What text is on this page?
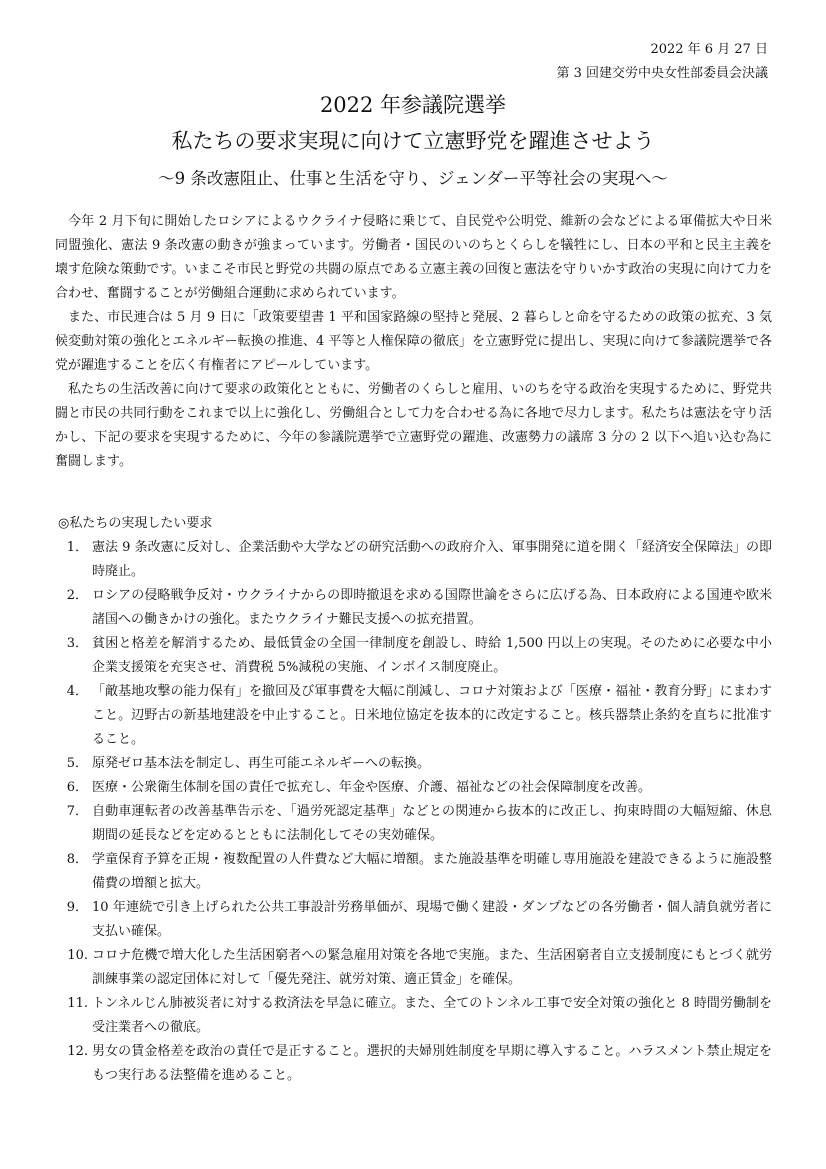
2022 年 6 月 27 日
第 3 回建交労中央女性部委員会決議
2022 年参議院選挙
私たちの要求実現に向けて立憲野党を躍進させよう
～9 条改憲阻止、仕事と生活を守り、ジェンダー平等社会の実現へ～

今年 2 月下旬に開始したロシアによるウクライナ侵略に乗じて、自民党や公明党、維新の会などによる軍備拡大や日米同盟強化、憲法 9 条改憲の動きが強まっています。労働者・国民のいのちとくらしを犠牲にし、日本の平和と民主主義を壊す危険な策動です。いまこそ市民と野党の共闘の原点である立憲主義の回復と憲法を守りいかす政治の実現に向けて力を合わせ、奮闘することが労働組合運動に求められています。

また、市民連合は 5 月 9 日に「政策要望書 1 平和国家路線の堅持と発展、2 暮らしと命を守るための政策の拡充、3 気候変動対策の強化とエネルギー転換の推進、4 平等と人権保障の徹底」を立憲野党に提出し、実現に向けて参議院選挙で各党が躍進することを広く有権者にアピールしています。

私たちの生活改善に向けて要求の政策化とともに、労働者のくらしと雇用、いのちを守る政治を実現するために、野党共闘と市民の共同行動をこれまで以上に強化し、労働組合として力を合わせる為に各地で尽力します。私たちは憲法を守り活かし、下記の要求を実現するために、今年の参議院選挙で立憲野党の躍進、改憲勢力の議席 3 分の 2 以下へ追い込む為に奮闘します。

◎私たちの実現したい要求

1． 憲法 9 条改憲に反対し、企業活動や大学などの研究活動への政府介入、軍事開発に道を開く「経済安全保障法」の即時廃止。
2． ロシアの侵略戦争反対・ウクライナからの即時撤退を求める国際世論をさらに広げる為、日本政府による国連や欧米諸国への働きかけの強化。またウクライナ難民支援への拡充措置。
3． 貧困と格差を解消するため、最低賃金の全国一律制度を創設し、時給 1,500 円以上の実現。そのために必要な中小企業支援策を充実させ、消費税 5%減税の実施、インボイス制度廃止。
4． 「敵基地攻撃の能力保有」を撤回及び軍事費を大幅に削減し、コロナ対策および「医療・福祉・教育分野」にまわすこと。辺野古の新基地建設を中止すること。日米地位協定を抜本的に改定すること。核兵器禁止条約を直ちに批准すること。
5． 原発ゼロ基本法を制定し、再生可能エネルギーへの転換。
6． 医療・公衆衛生体制を国の責任で拡充し、年金や医療、介護、福祉などの社会保障制度を改善。
7． 自動車運転者の改善基準告示を、「過労死認定基準」などとの関連から抜本的に改正し、拘束時間の大幅短縮、休息期間の延長などを定めるとともに法制化してその実効確保。
8． 学童保育予算を正規・複数配置の人件費など大幅に増額。また施設基準を明確し専用施設を建設できるように施設整備費の増額と拡大。
9． 10 年連続で引き上げられた公共工事設計労務単価が、現場で働く建設・ダンプなどの各労働者・個人請負就労者に支払い確保。
10. コロナ危機で増大化した生活困窮者への緊急雇用対策を各地で実施。また、生活困窮者自立支援制度にもとづく就労訓練事業の認定団体に対して「優先発注、就労対策、適正賃金」を確保。
11. トンネルじん肺被災者に対する救済法を早急に確立。また、全てのトンネル工事で安全対策の強化と 8 時間労働制を受注業者への徹底。
12. 男女の賃金格差を政治の責任で是正すること。選択的夫婦別姓制度を早期に導入すること。ハラスメント禁止規定をもつ実行ある法整備を進めること。
